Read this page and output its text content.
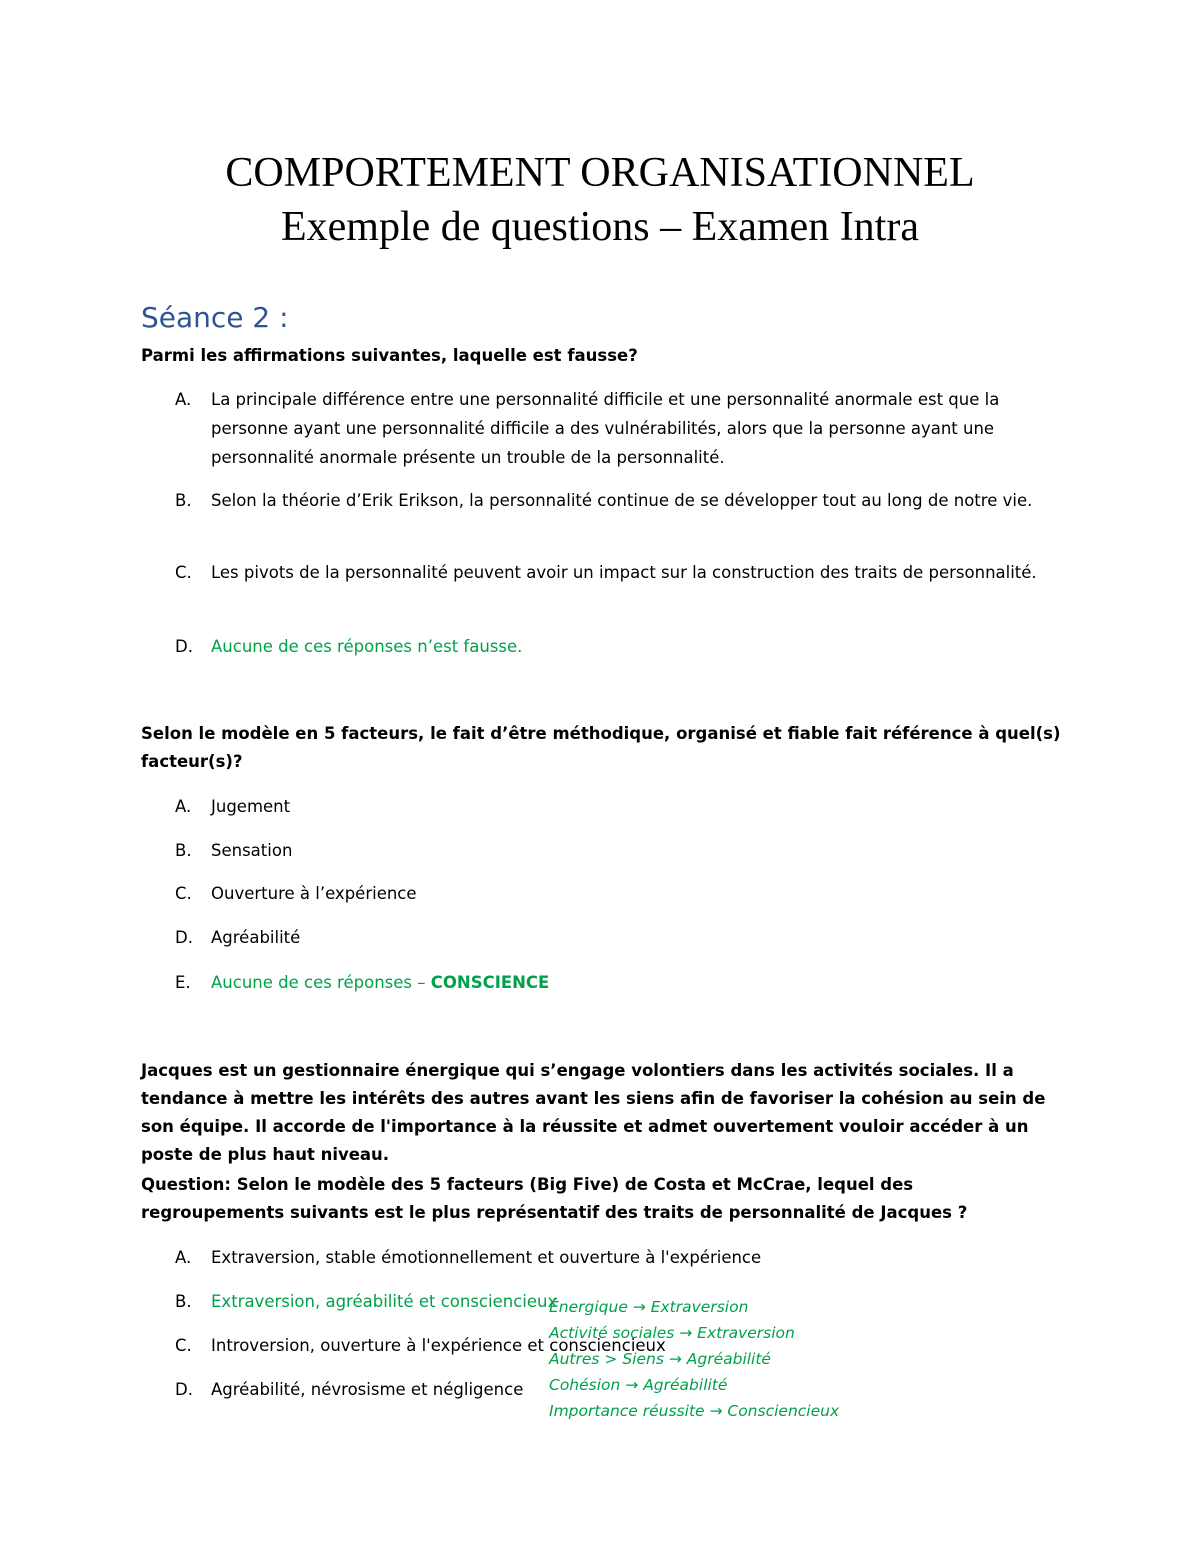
COMPORTEMENT ORGANISATIONNEL
Exemple de questions – Examen Intra
Séance 2 :
Parmi les affirmations suivantes, laquelle est fausse?
A. La principale différence entre une personnalité difficile et une personnalité anormale est que la personne ayant une personnalité difficile a des vulnérabilités, alors que la personne ayant une personnalité anormale présente un trouble de la personnalité.
B. Selon la théorie d’Erik Erikson, la personnalité continue de se développer tout au long de notre vie.
C. Les pivots de la personnalité peuvent avoir un impact sur la construction des traits de personnalité.
D. Aucune de ces réponses n’est fausse.
Selon le modèle en 5 facteurs, le fait d’être méthodique, organisé et fiable fait référence à quel(s) facteur(s)?
A. Jugement
B. Sensation
C. Ouverture à l’expérience
D. Agréabilité
E. Aucune de ces réponses – CONSCIENCE
Jacques est un gestionnaire énergique qui s’engage volontiers dans les activités sociales. Il a tendance à mettre les intérêts des autres avant les siens afin de favoriser la cohésion au sein de son équipe. Il accorde de l'importance à la réussite et admet ouvertement vouloir accéder à un poste de plus haut niveau.
Question: Selon le modèle des 5 facteurs (Big Five) de Costa et McCrae, lequel des regroupements suivants est le plus représentatif des traits de personnalité de Jacques ?
A. Extraversion, stable émotionnellement et ouverture à l'expérience
B. Extraversion, agréabilité et consciencieux
C. Introversion, ouverture à l'expérience et consciencieux
D. Agréabilité, névrosisme et négligence
Énergique → Extraversion
Activité sociales → Extraversion
Autres > Siens → Agréabilité
Cohésion → Agréabilité
Importance réussite → Consciencieux
